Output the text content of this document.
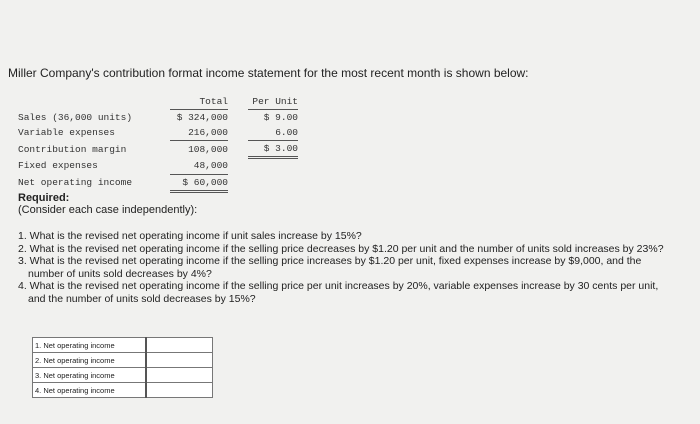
Miller Company's contribution format income statement for the most recent month is shown below:
	Total		Per Unit
Sales (36,000 units)	$ 324,000		$ 9.00
Variable expenses	216,000		6.00
Contribution margin	108,000		$ 3.00
Fixed expenses	48,000		
Net operating income	$ 60,000		
Required:
(Consider each case independently):
1. What is the revised net operating income if unit sales increase by 15%?
2. What is the revised net operating income if the selling price decreases by $1.20 per unit and the number of units sold increases by 23%?
3. What is the revised net operating income if the selling price increases by $1.20 per unit, fixed expenses increase by $9,000, and the number of units sold decreases by 4%?
4. What is the revised net operating income if the selling price per unit increases by 20%, variable expenses increase by 30 cents per unit, and the number of units sold decreases by 15%?
1. Net operating income	
2. Net operating income	
3. Net operating income	
4. Net operating income	
